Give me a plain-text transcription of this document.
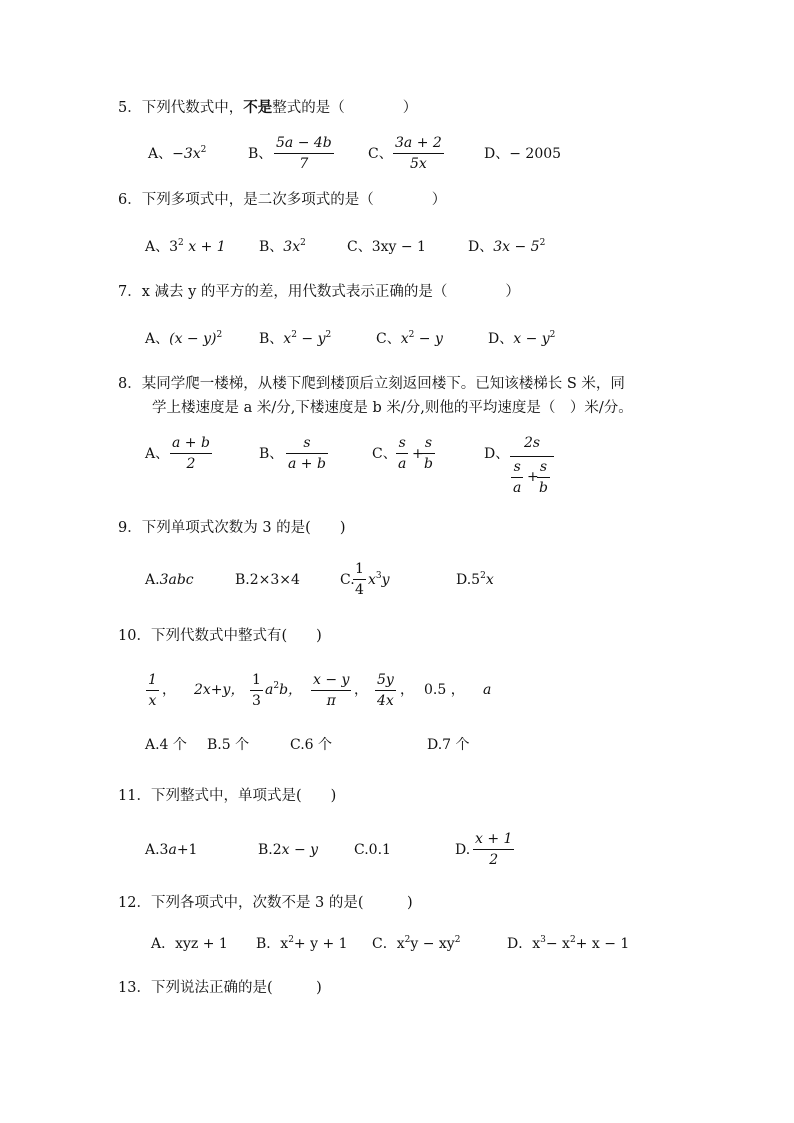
5．下列代数式中，不是整式的是（　　　　）
A、$-3x^2$	B、
5a − 4b
7
C、
3a + 2
5x
D、− 2005
6．下列多项式中，是二次多项式的是（　　　　）
A、$3^2$ x + 1 B、$3x^2$	C、3xy − 1	D、$3x - 5^2$
7．x 减去 y 的平方的差，用代数式表示正确的是（　　　　）
A、$(x - y)^2$	B、$x^2 - y^2$	C、$x^2 - y$	D、$x - y^2$
8．某同学爬一楼梯，从楼下爬到楼顶后立刻返回楼下。已知该楼梯长 S 米，同
学上楼速度是 a 米/分,下楼速度是 b 米/分,则他的平均速度是（　）米/分。
A、
a + b
2
B、
s
a + b
C、
s
a
+
s
b
D、
2s
s
a
+
s
b
9．下列单项式次数为 3 的是(　　)
A.3abc	B.2×3×4	C.
1
4
$x^3y$	$D.5^2x$
10．下列代数式中整式有(　　)
1
x
， 2x+y，
1
3
$a^2b$，
x − y
π
，
5y
4x
， 0.5 ， a
A.4 个 B.5 个	C.6 个	D.7 个
11．下列整式中，单项式是(　　)
A.3a+1	B.2x − y	C.0.1	D.
x + 1
2
12．下列各项式中，次数不是 3 的是(　　　)
A．xyz + 1 B．$x^2+ y + 1$ C．$x^2y - xy^2$	D．$x^3- x^2+ x - 1$
13．下列说法正确的是(　　　)
